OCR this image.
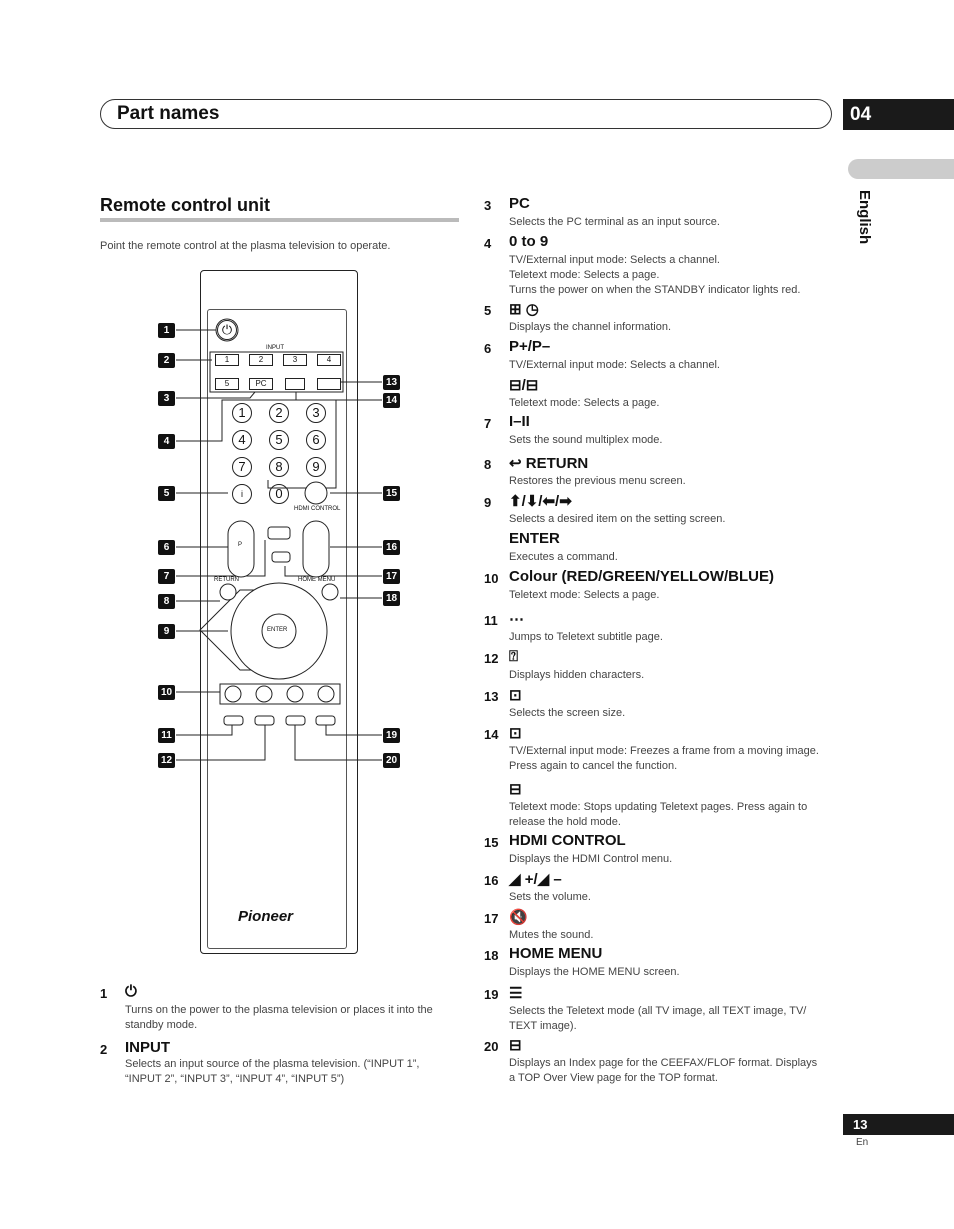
Part names	04
English
Remote control unit
Point the remote control at the plasma television to operate.
INPUT
1	2	3	4
5	PC
⏻
1	2	3
4	5	6
7	8	9
0
i
HDMI CONTROL
P
RETURN	HOME MENU
ENTER
Pioneer
1
2
3
4
5
6
7
8
9
10
11
12
13
14
15
16
17
18
19
20
1 ⏻
Turns on the power to the plasma television or places it into the
standby mode.
2 INPUT
Selects an input source of the plasma television. (“INPUT 1”,
“INPUT 2”, “INPUT 3”, “INPUT 4”, “INPUT 5”)
3 PC
Selects the PC terminal as an input source.
4 0 to 9
TV/External input mode: Selects a channel.
Teletext mode: Selects a page.
Turns the power on when the STANDBY indicator lights red.
5 ⊞ ◷
Displays the channel information.
6 P+/P–
TV/External input mode: Selects a channel.
⊟/⊟
Teletext mode: Selects a page.
7 I–II
Sets the sound multiplex mode.
8 ↩ RETURN
Restores the previous menu screen.
9 ⬆/⬇/⬅/➡
Selects a desired item on the setting screen.
ENTER
Executes a command.
10 Colour (RED/GREEN/YELLOW/BLUE)
Teletext mode: Selects a page.
11 ⋯
Jumps to Teletext subtitle page.
12 ⍰
Displays hidden characters.
13 ⊡
Selects the screen size.
14 ⊡
TV/External input mode: Freezes a frame from a moving image.
Press again to cancel the function.
⊟
Teletext mode: Stops updating Teletext pages. Press again to
release the hold mode.
15 HDMI CONTROL
Displays the HDMI Control menu.
16 ◢ +/◢ –
Sets the volume.
17 🔇
Mutes the sound.
18 HOME MENU
Displays the HOME MENU screen.
19 ☰
Selects the Teletext mode (all TV image, all TEXT image, TV/
TEXT image).
20 ⊟
Displays an Index page for the CEEFAX/FLOF format. Displays
a TOP Over View page for the TOP format.
13
En
